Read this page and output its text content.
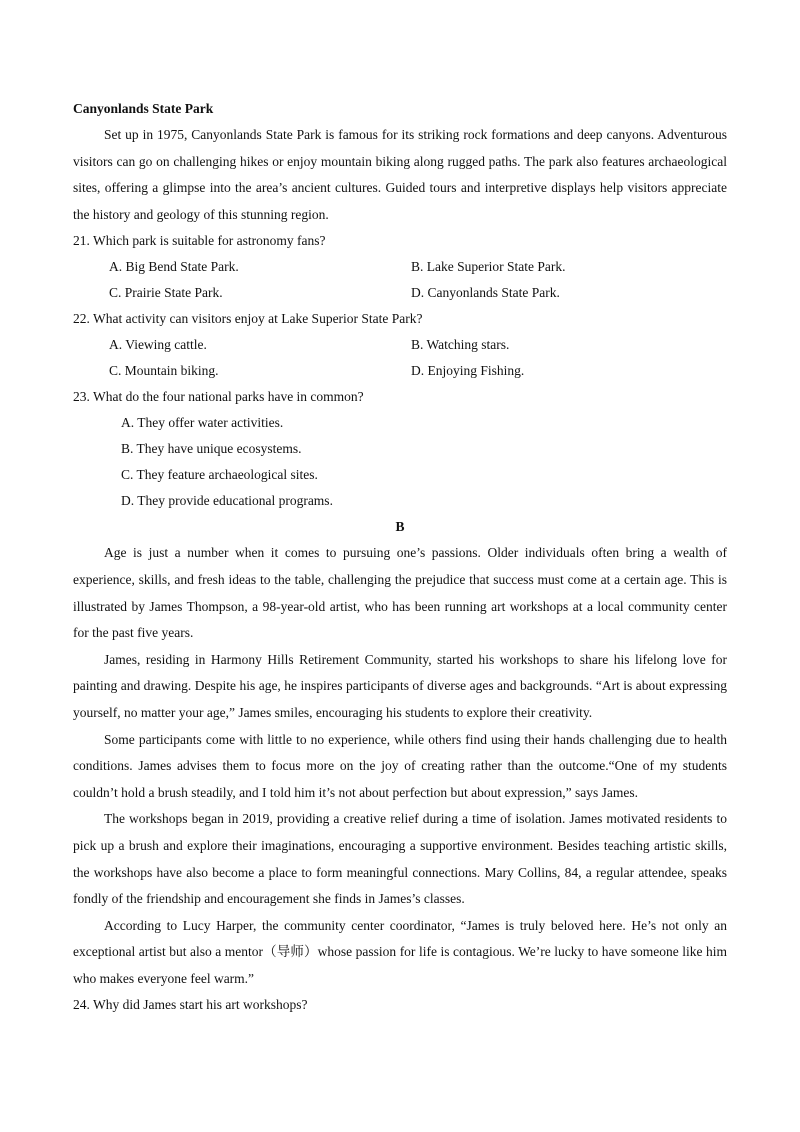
Canyonlands State Park

Set up in 1975, Canyonlands State Park is famous for its striking rock formations and deep canyons. Adventurous visitors can go on challenging hikes or enjoy mountain biking along rugged paths. The park also features archaeological sites, offering a glimpse into the area’s ancient cultures. Guided tours and interpretive displays help visitors appreciate the history and geology of this stunning region.

21. Which park is suitable for astronomy fans?
A. Big Bend State Park.	B. Lake Superior State Park.
C. Prairie State Park.	D. Canyonlands State Park.
22. What activity can visitors enjoy at Lake Superior State Park?
A. Viewing cattle.	B. Watching stars.
C. Mountain biking.	D. Enjoying Fishing.
23. What do the four national parks have in common?
A. They offer water activities.
B. They have unique ecosystems.
C. They feature archaeological sites.
D. They provide educational programs.
B

Age is just a number when it comes to pursuing one’s passions. Older individuals often bring a wealth of experience, skills, and fresh ideas to the table, challenging the prejudice that success must come at a certain age. This is illustrated by James Thompson, a 98-year-old artist, who has been running art workshops at a local community center for the past five years.

James, residing in Harmony Hills Retirement Community, started his workshops to share his lifelong love for painting and drawing. Despite his age, he inspires participants of diverse ages and backgrounds. “Art is about expressing yourself, no matter your age,” James smiles, encouraging his students to explore their creativity.

Some participants come with little to no experience, while others find using their hands challenging due to health conditions. James advises them to focus more on the joy of creating rather than the outcome.“One of my students couldn’t hold a brush steadily, and I told him it’s not about perfection but about expression,” says James.

The workshops began in 2019, providing a creative relief during a time of isolation. James motivated residents to pick up a brush and explore their imaginations, encouraging a supportive environment. Besides teaching artistic skills, the workshops have also become a place to form meaningful connections. Mary Collins, 84, a regular attendee, speaks fondly of the friendship and encouragement she finds in James’s classes.

According to Lucy Harper, the community center coordinator, “James is truly beloved here. He’s not only an exceptional artist but also a mentor（导师）whose passion for life is contagious. We’re lucky to have someone like him who makes everyone feel warm.”

24. Why did James start his art workshops?
